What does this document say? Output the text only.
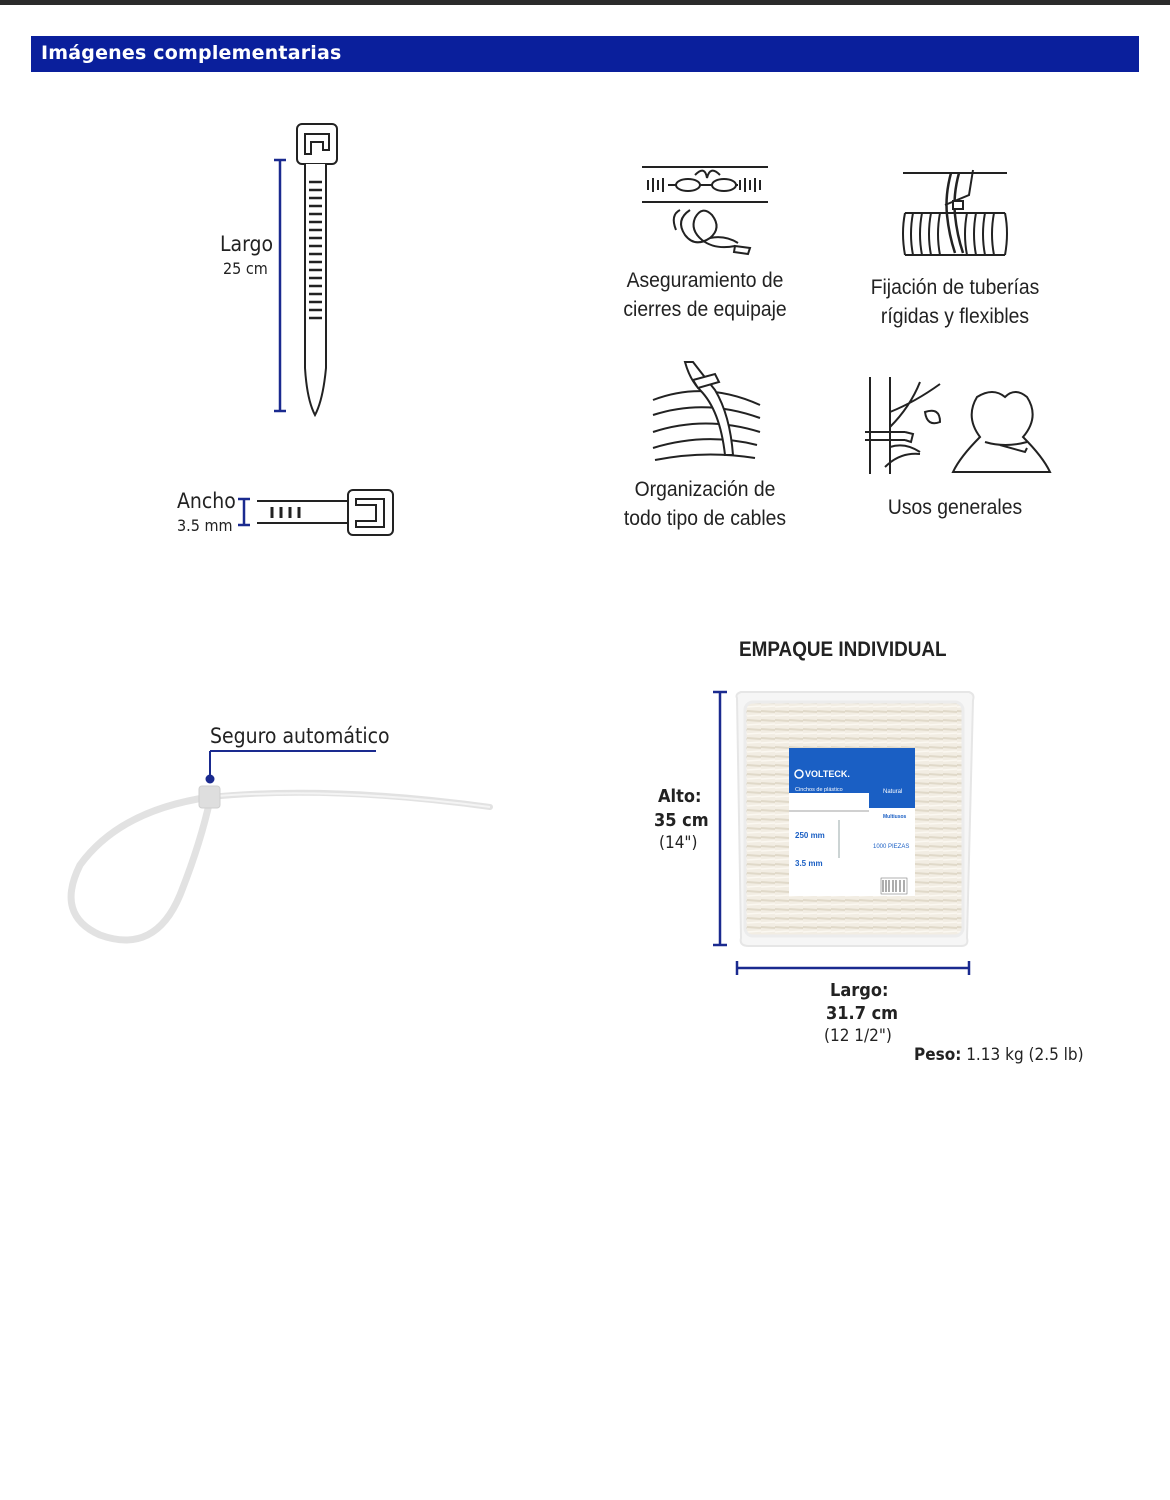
Imágenes complementarias
Largo
25 cm
Ancho
3.5 mm
Aseguramiento de
cierres de equipaje
Fijación de tuberías
rígidas y flexibles
Organización de
todo tipo de cables	Usos generales
Seguro automático
EMPAQUE INDIVIDUAL
Alto:
35 cm
(14")
VOLTECK.
Cinchos de plástico	Natural
250 mm
3.5 mm
Multiusos
1000 PIEZAS
Largo:
31.7 cm
(12 1/2")
Peso: 1.13 kg (2.5 lb)
